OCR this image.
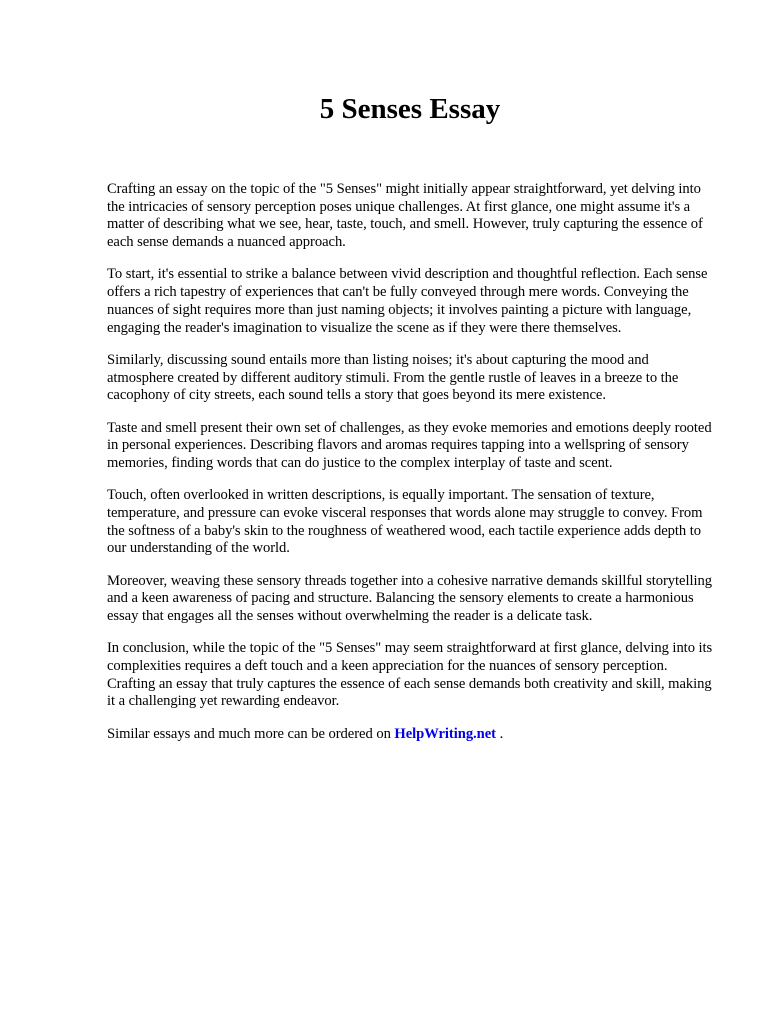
5 Senses Essay

Crafting an essay on the topic of the "5 Senses" might initially appear straightforward, yet delving into the intricacies of sensory perception poses unique challenges. At first glance, one might assume it's a matter of describing what we see, hear, taste, touch, and smell. However, truly capturing the essence of each sense demands a nuanced approach.

To start, it's essential to strike a balance between vivid description and thoughtful reflection. Each sense offers a rich tapestry of experiences that can't be fully conveyed through mere words. Conveying the nuances of sight requires more than just naming objects; it involves painting a picture with language, engaging the reader's imagination to visualize the scene as if they were there themselves.

Similarly, discussing sound entails more than listing noises; it's about capturing the mood and atmosphere created by different auditory stimuli. From the gentle rustle of leaves in a breeze to the cacophony of city streets, each sound tells a story that goes beyond its mere existence.

Taste and smell present their own set of challenges, as they evoke memories and emotions deeply rooted in personal experiences. Describing flavors and aromas requires tapping into a wellspring of sensory memories, finding words that can do justice to the complex interplay of taste and scent.

Touch, often overlooked in written descriptions, is equally important. The sensation of texture, temperature, and pressure can evoke visceral responses that words alone may struggle to convey. From the softness of a baby's skin to the roughness of weathered wood, each tactile experience adds depth to our understanding of the world.

Moreover, weaving these sensory threads together into a cohesive narrative demands skillful storytelling and a keen awareness of pacing and structure. Balancing the sensory elements to create a harmonious essay that engages all the senses without overwhelming the reader is a delicate task.

In conclusion, while the topic of the "5 Senses" may seem straightforward at first glance, delving into its complexities requires a deft touch and a keen appreciation for the nuances of sensory perception. Crafting an essay that truly captures the essence of each sense demands both creativity and skill, making it a challenging yet rewarding endeavor.

Similar essays and much more can be ordered on HelpWriting.net .
